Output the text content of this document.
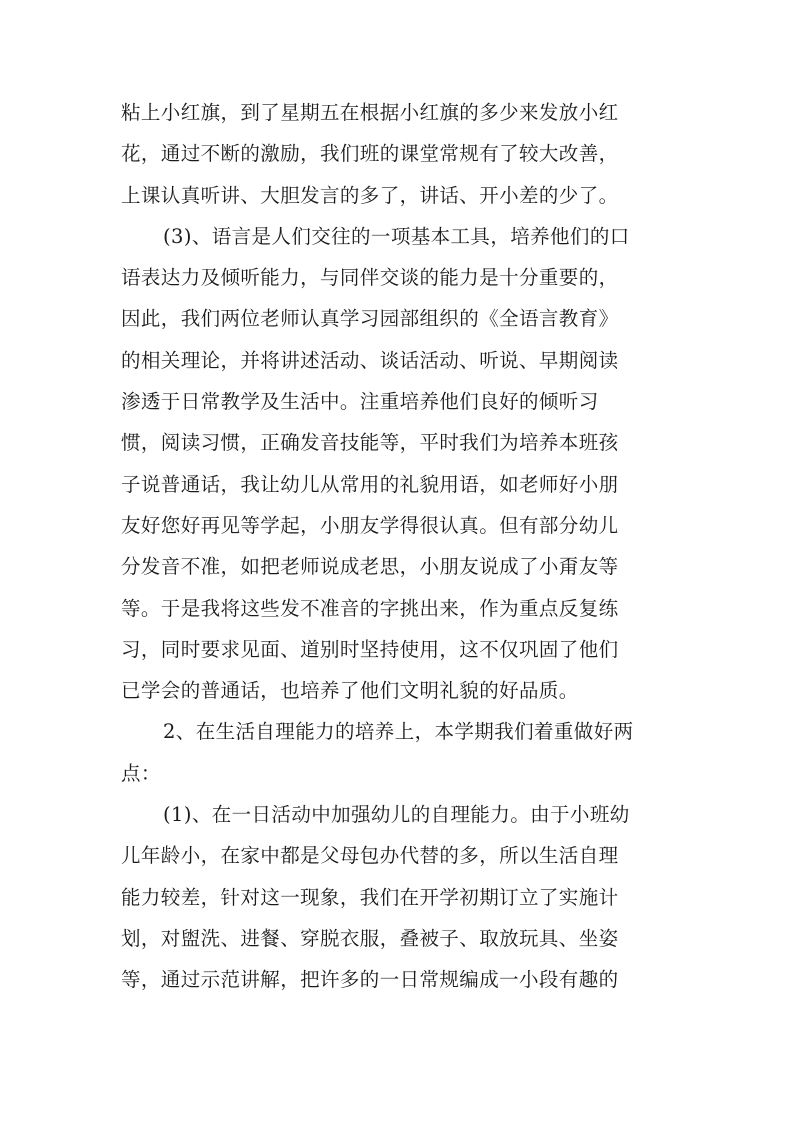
粘上小红旗，到了星期五在根据小红旗的多少来发放小红
花，通过不断的激励，我们班的课堂常规有了较大改善，
上课认真听讲、大胆发言的多了，讲话、开小差的少了。
(3)、语言是人们交往的一项基本工具，培养他们的口
语表达力及倾听能力，与同伴交谈的能力是十分重要的，
因此，我们两位老师认真学习园部组织的《全语言教育》
的相关理论，并将讲述活动、谈话活动、听说、早期阅读
渗透于日常教学及生活中。注重培养他们良好的倾听习
惯，阅读习惯，正确发音技能等，平时我们为培养本班孩
子说普通话，我让幼儿从常用的礼貌用语，如老师好小朋
友好您好再见等学起，小朋友学得很认真。但有部分幼儿
分发音不准，如把老师说成老思，小朋友说成了小甭友等
等。于是我将这些发不准音的字挑出来，作为重点反复练
习，同时要求见面、道别时坚持使用，这不仅巩固了他们
已学会的普通话，也培养了他们文明礼貌的好品质。
2、在生活自理能力的培养上，本学期我们着重做好两
点：
(1)、在一日活动中加强幼儿的自理能力。由于小班幼
儿年龄小，在家中都是父母包办代替的多，所以生活自理
能力较差，针对这一现象，我们在开学初期订立了实施计
划，对盥洗、进餐、穿脱衣服，叠被子、取放玩具、坐姿
等，通过示范讲解，把许多的一日常规编成一小段有趣的
